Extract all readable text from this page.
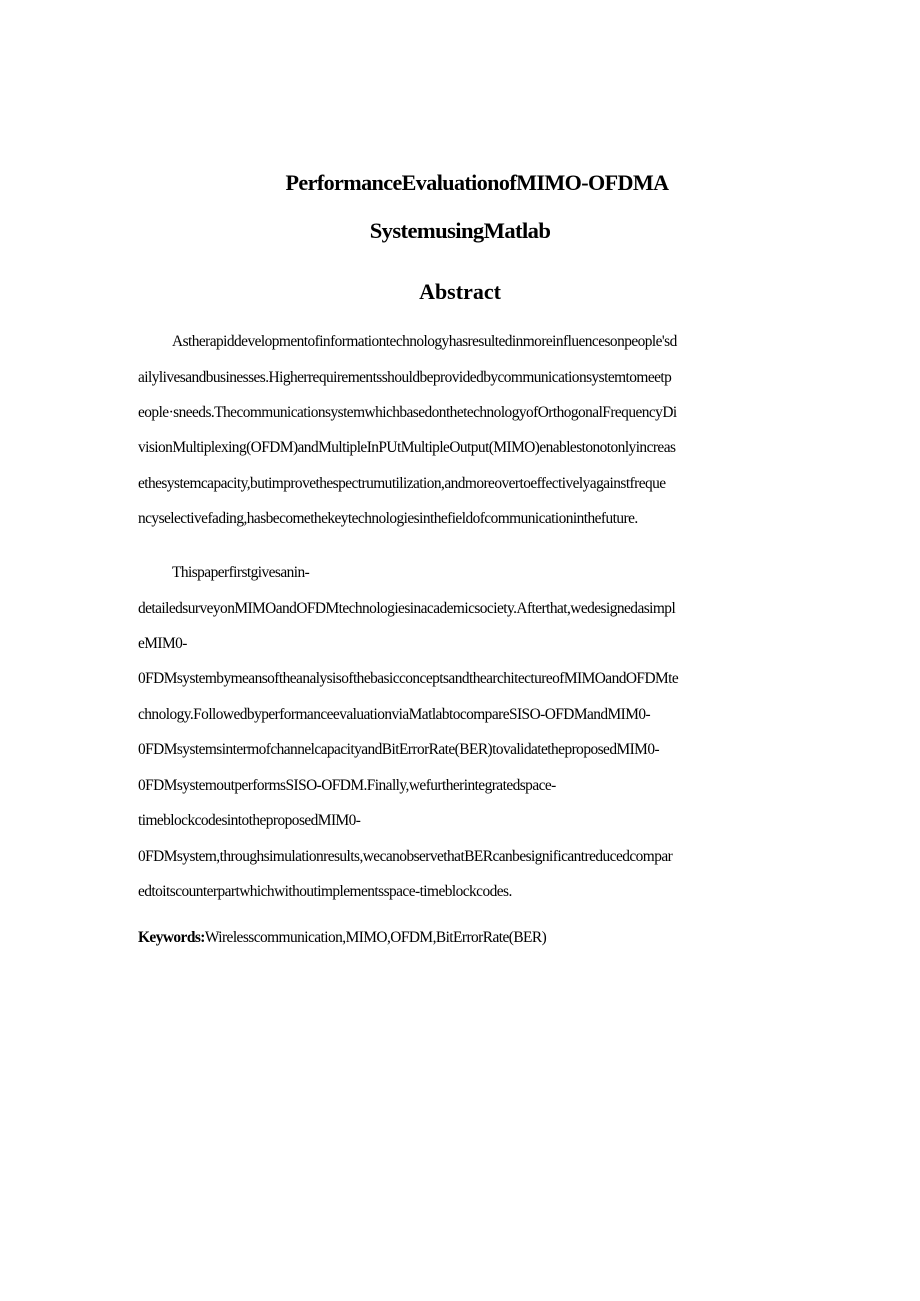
PerformanceEvaluationofMIMO-OFDMA
SystemusingMatlab
Abstract
Astherapiddevelopmentofinformationtechnologyhasresultedinmoreinfluencesonpeople'sd
ailylivesandbusinesses.Higherrequirementsshouldbeprovidedbycommunicationsystemtomeetp
eople·sneeds.ThecommunicationsystemwhichbasedonthetechnologyofOrthogonalFrequencyDi
visionMultiplexing(OFDM)andMultipleInPUtMultipleOutput(MIMO)enablestonotonlyincreas
ethesystemcapacity,butimprovethespectrumutilization,andmoreovertoeffectivelyagainstfreque
ncyselectivefading,hasbecomethekeytechnologiesinthefieldofcommunicationinthefuture.
Thispaperfirstgivesanin-
detailedsurveyonMIMOandOFDMtechnologiesinacademicsociety.Afterthat,wedesignedasimpl
eMIM0-
0FDMsystembymeansoftheanalysisofthebasicconceptsandthearchitectureofMIMOandOFDMte
chnology.FollowedbyperformanceevaluationviaMatlabtocompareSISO-OFDMandMIM0-
0FDMsystemsintermofchannelcapacityandBitErrorRate(BER)tovalidatetheproposedMIM0-
0FDMsystemoutperformsSISO-OFDM.Finally,wefurtherintegratedspace-
timeblockcodesintotheproposedMIM0-
0FDMsystem,throughsimulationresults,wecanobservethatBERcanbesignificantreducedcompar
edtoitscounterpartwhichwithoutimplementsspace-timeblockcodes.
Keywords:Wirelesscommunication,MIMO,OFDM,BitErrorRate(BER)
